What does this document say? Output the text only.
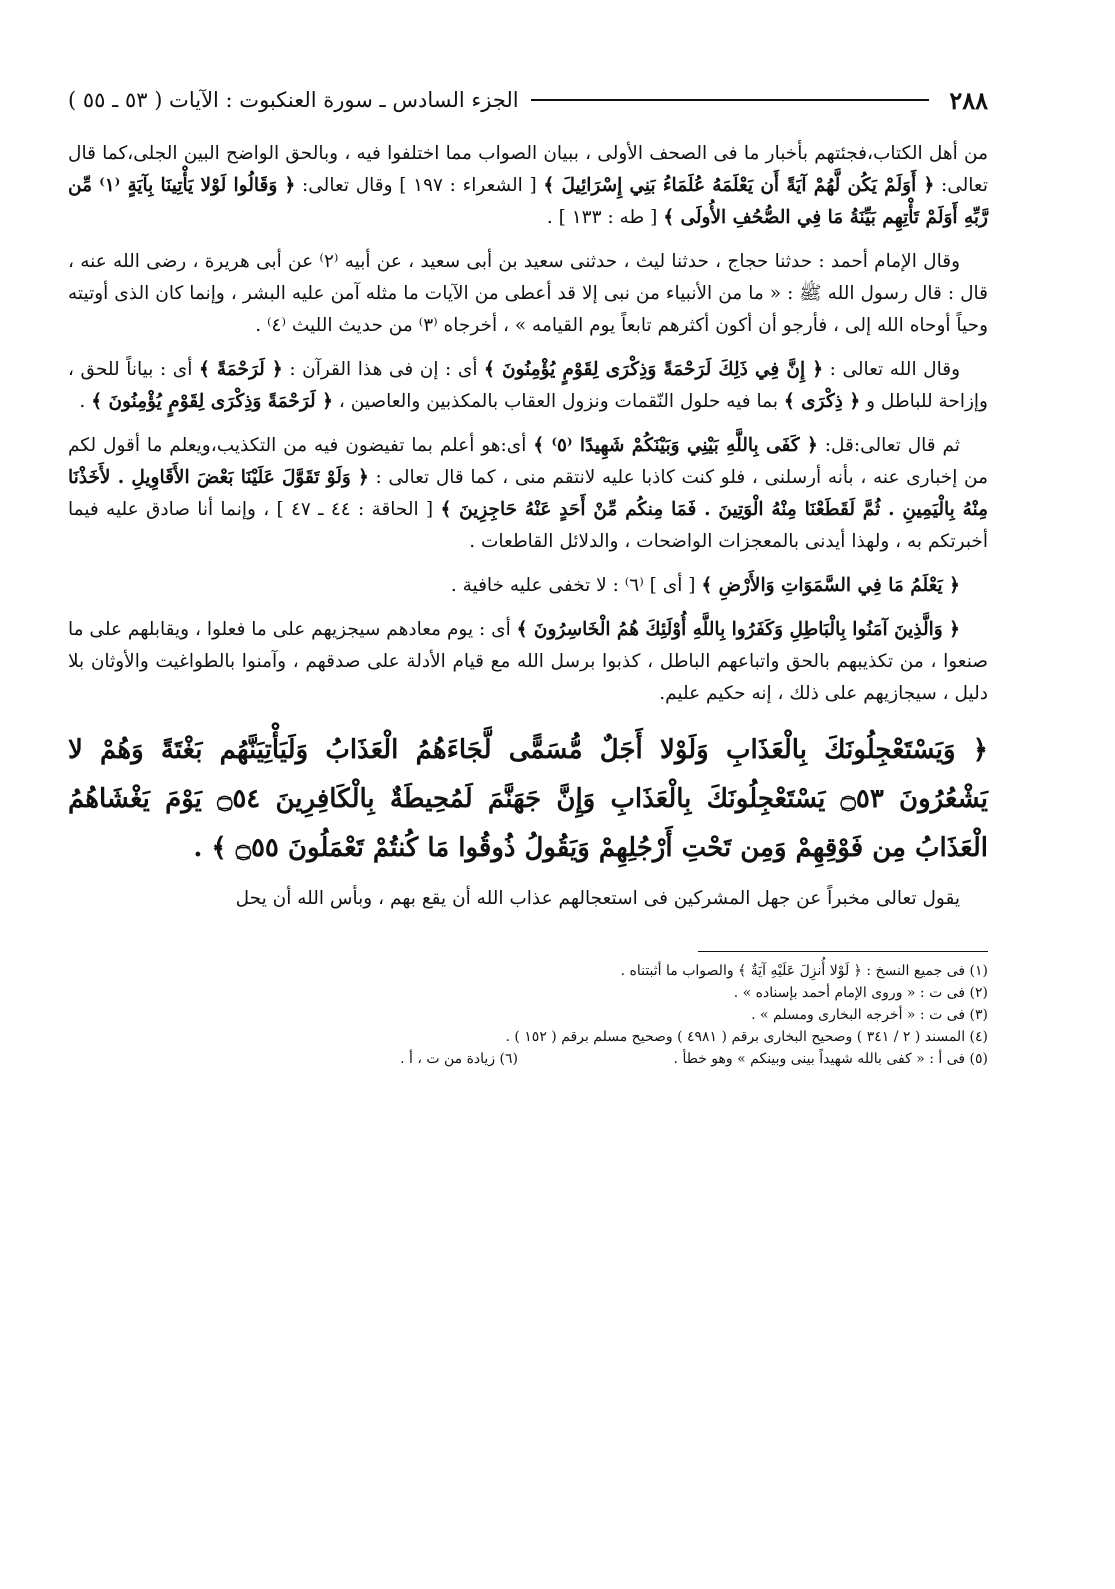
٢٨٨
الجزء السادس ـ سورة العنكبوت : الآيات ( ٥٣ ـ ٥٥ )

من أهل الكتاب،فجئتهم بأخبار ما فى الصحف الأولى ، ببيان الصواب مما اختلفوا فيه ، وبالحق الواضح البين الجلى،كما قال تعالى: ﴿ أَوَلَمْ يَكُن لَّهُمْ آيَةً أَن يَعْلَمَهُ عُلَمَاءُ بَنِي إِسْرَائِيلَ ﴾ [ الشعراء : ١٩٧ ] وقال تعالى: ﴿ وَقَالُوا لَوْلا يَأْتِينَا بِآيَةٍ ⁽١⁾ مِّن رَّبِّهِ أَوَلَمْ تَأْتِهِم بَيِّنَةُ مَا فِي الصُّحُفِ الأُولَى ﴾ [ طه : ١٣٣ ] .

وقال الإمام أحمد : حدثنا حجاج ، حدثنا ليث ، حدثنى سعيد بن أبى سعيد ، عن أبيه ⁽٢⁾ عن أبى هريرة ، رضى الله عنه ، قال : قال رسول الله ﷺ : « ما من الأنبياء من نبى إلا قد أعطى من الآيات ما مثله آمن عليه البشر ، وإنما كان الذى أوتيته وحياً أوحاه الله إلى ، فأرجو أن أكون أكثرهم تابعاً يوم القيامه » ، أخرجاه ⁽٣⁾ من حديث الليث ⁽٤⁾ .

وقال الله تعالى : ﴿ إِنَّ فِي ذَلِكَ لَرَحْمَةً وَذِكْرَى لِقَوْمٍ يُؤْمِنُونَ ﴾ أى : إن فى هذا القرآن : ﴿ لَرَحْمَةً ﴾ أى : بياناً للحق ، وإزاحة للباطل و ﴿ ذِكْرَى ﴾ بما فيه حلول النّقمات ونزول العقاب بالمكذبين والعاصين ، ﴿ لَرَحْمَةً وَذِكْرَى لِقَوْمٍ يُؤْمِنُونَ ﴾ .

ثم قال تعالى:قل: ﴿ كَفَى بِاللَّهِ بَيْنِي وَبَيْنَكُمْ شَهِيدًا ⁽٥⁾ ﴾ أى:هو أعلم بما تفيضون فيه من التكذيب،ويعلم ما أقول لكم من إخبارى عنه ، بأنه أرسلنى ، فلو كنت كاذبا عليه لانتقم منى ، كما قال تعالى : ﴿ وَلَوْ تَقَوَّلَ عَلَيْنَا بَعْضَ الأَقَاوِيلِ . لأَخَذْنَا مِنْهُ بِالْيَمِينِ . ثُمَّ لَقَطَعْنَا مِنْهُ الْوَتِينَ . فَمَا مِنكُم مِّنْ أَحَدٍ عَنْهُ حَاجِزِينَ ﴾ [ الحاقة : ٤٤ ـ ٤٧ ] ، وإنما أنا صادق عليه فيما أخبرتكم به ، ولهذا أيدنى بالمعجزات الواضحات ، والدلائل القاطعات .

﴿ يَعْلَمُ مَا فِي السَّمَوَاتِ وَالأَرْضِ ﴾ [ أى ] ⁽٦⁾ : لا تخفى عليه خافية .

﴿ وَالَّذِينَ آمَنُوا بِالْبَاطِلِ وَكَفَرُوا بِاللَّهِ أُوْلَئِكَ هُمُ الْخَاسِرُونَ ﴾ أى : يوم معادهم سيجزيهم على ما فعلوا ، ويقابلهم على ما صنعوا ، من تكذيبهم بالحق واتباعهم الباطل ، كذبوا برسل الله مع قيام الأدلة على صدقهم ، وآمنوا بالطواغيت والأوثان بلا دليل ، سيجازيهم على ذلك ، إنه حكيم عليم.

﴿ وَيَسْتَعْجِلُونَكَ بِالْعَذَابِ وَلَوْلا أَجَلٌ مُّسَمًّى لَّجَاءَهُمُ الْعَذَابُ وَلَيَأْتِيَنَّهُم بَغْتَةً وَهُمْ لا يَشْعُرُونَ ۝٥٣ يَسْتَعْجِلُونَكَ بِالْعَذَابِ وَإِنَّ جَهَنَّمَ لَمُحِيطَةٌ بِالْكَافِرِينَ ۝٥٤ يَوْمَ يَغْشَاهُمُ الْعَذَابُ مِن فَوْقِهِمْ وَمِن تَحْتِ أَرْجُلِهِمْ وَيَقُولُ ذُوقُوا مَا كُنتُمْ تَعْمَلُونَ ۝٥٥ ﴾ .

يقول تعالى مخبراً عن جهل المشركين فى استعجالهم عذاب الله أن يقع بهم ، وبأس الله أن يحل

(١) فى جميع النسخ : ﴿ لَوْلا أُنزِلَ عَلَيْهِ آيَةٌ ﴾ والصواب ما أثبتناه .
(٢) فى ت : « وروى الإمام أحمد بإسناده » .
(٣) فى ت : « أخرجه البخارى ومسلم » .
(٤) المسند ( ٢ / ٣٤١ ) وصحيح البخارى برقم ( ٤٩٨١ ) وصحيح مسلم برقم ( ١٥٢ ) .
(٥) فى أ : « كفى بالله شهيداً بينى وبينكم » وهو خطأ .
(٦) زيادة من ت ، أ .
